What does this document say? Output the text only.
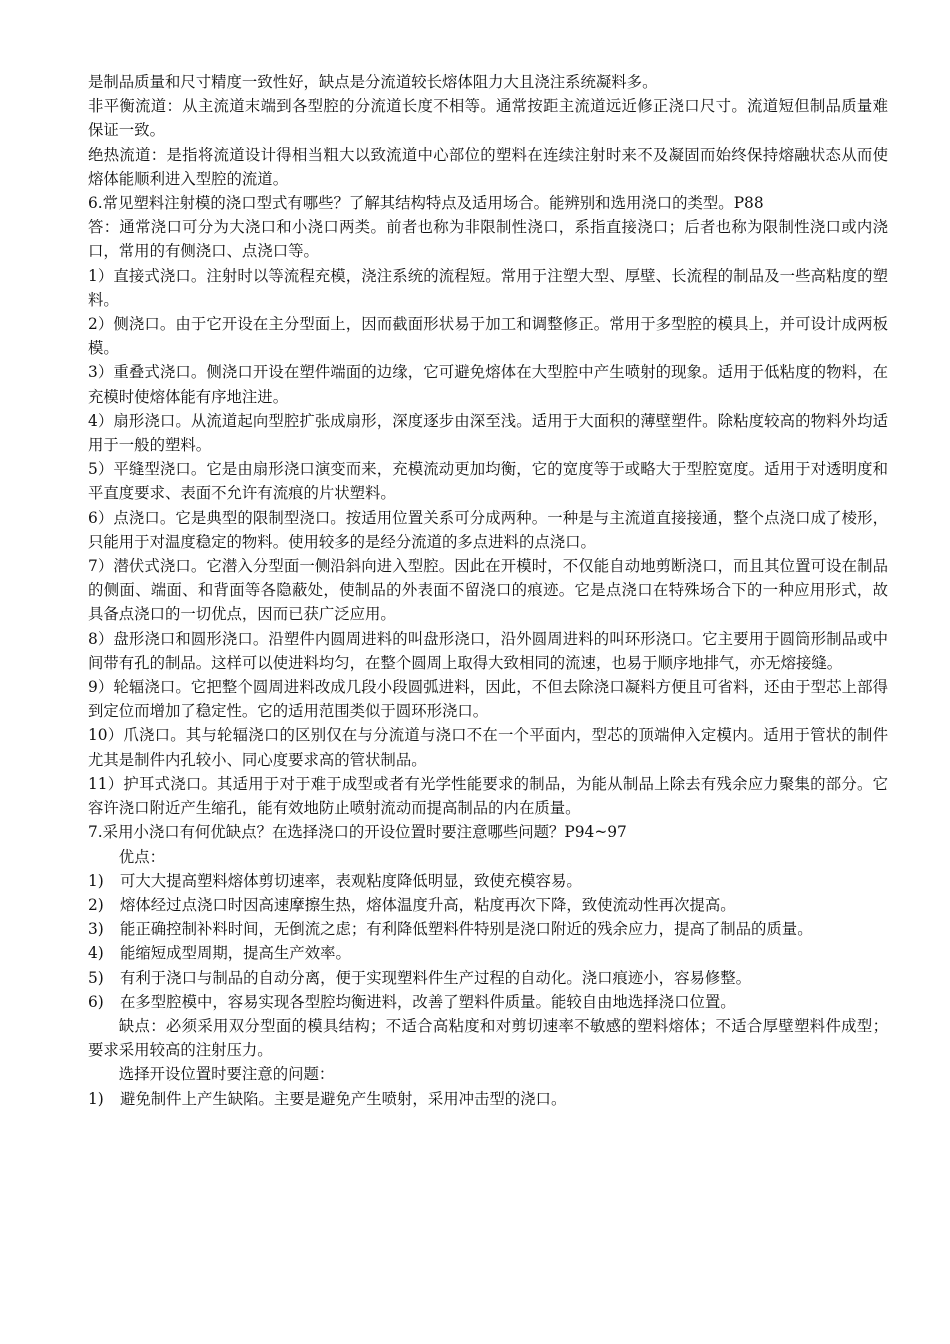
是制品质量和尺寸精度一致性好，缺点是分流道较长熔体阻力大且浇注系统凝料多。

非平衡流道：从主流道末端到各型腔的分流道长度不相等。通常按距主流道远近修正浇口尺寸。流道短但制品质量难保证一致。

绝热流道：是指将流道设计得相当粗大以致流道中心部位的塑料在连续注射时来不及凝固而始终保持熔融状态从而使熔体能顺利进入型腔的流道。

6.常见塑料注射模的浇口型式有哪些？了解其结构特点及适用场合。能辨别和选用浇口的类型。P88

答：通常浇口可分为大浇口和小浇口两类。前者也称为非限制性浇口，系指直接浇口；后者也称为限制性浇口或内浇口，常用的有侧浇口、点浇口等。

1）直接式浇口。注射时以等流程充模，浇注系统的流程短。常用于注塑大型、厚壁、长流程的制品及一些高粘度的塑料。

2）侧浇口。由于它开设在主分型面上，因而截面形状易于加工和调整修正。常用于多型腔的模具上，并可设计成两板模。

3）重叠式浇口。侧浇口开设在塑件端面的边缘，它可避免熔体在大型腔中产生喷射的现象。适用于低粘度的物料，在充模时使熔体能有序地注进。

4）扇形浇口。从流道起向型腔扩张成扇形，深度逐步由深至浅。适用于大面积的薄壁塑件。除粘度较高的物料外均适用于一般的塑料。

5）平缝型浇口。它是由扇形浇口演变而来，充模流动更加均衡，它的宽度等于或略大于型腔宽度。适用于对透明度和平直度要求、表面不允许有流痕的片状塑料。

6）点浇口。它是典型的限制型浇口。按适用位置关系可分成两种。一种是与主流道直接接通，整个点浇口成了棱形，只能用于对温度稳定的物料。使用较多的是经分流道的多点进料的点浇口。

7）潜伏式浇口。它潜入分型面一侧沿斜向进入型腔。因此在开模时，不仅能自动地剪断浇口，而且其位置可设在制品的侧面、端面、和背面等各隐蔽处，使制品的外表面不留浇口的痕迹。它是点浇口在特殊场合下的一种应用形式，故具备点浇口的一切优点，因而已获广泛应用。

8）盘形浇口和圆形浇口。沿塑件内圆周进料的叫盘形浇口，沿外圆周进料的叫环形浇口。它主要用于圆筒形制品或中间带有孔的制品。这样可以使进料均匀，在整个圆周上取得大致相同的流速，也易于顺序地排气，亦无熔接缝。

9）轮辐浇口。它把整个圆周进料改成几段小段圆弧进料，因此，不但去除浇口凝料方便且可省料，还由于型芯上部得到定位而增加了稳定性。它的适用范围类似于圆环形浇口。

10）爪浇口。其与轮辐浇口的区别仅在与分流道与浇口不在一个平面内，型芯的顶端伸入定模内。适用于管状的制件尤其是制件内孔较小、同心度要求高的管状制品。

11）护耳式浇口。其适用于对于难于成型或者有光学性能要求的制品，为能从制品上除去有残余应力聚集的部分。它容许浇口附近产生缩孔，能有效地防止喷射流动而提高制品的内在质量。

7.采用小浇口有何优缺点？在选择浇口的开设位置时要注意哪些问题？P94~97

优点：

1)	可大大提高塑料熔体剪切速率，表观粘度降低明显，致使充模容易。
2)	熔体经过点浇口时因高速摩擦生热，熔体温度升高，粘度再次下降，致使流动性再次提高。
3)	能正确控制补料时间，无倒流之虑；有利降低塑料件特别是浇口附近的残余应力，提高了制品的质量。
4)	能缩短成型周期，提高生产效率。
5)	有利于浇口与制品的自动分离，便于实现塑料件生产过程的自动化。浇口痕迹小，容易修整。
6)	在多型腔模中，容易实现各型腔均衡进料，改善了塑料件质量。能较自由地选择浇口位置。

缺点：必须采用双分型面的模具结构；不适合高粘度和对剪切速率不敏感的塑料熔体；不适合厚壁塑料件成型；要求采用较高的注射压力。

选择开设位置时要注意的问题：

1)	避免制件上产生缺陷。主要是避免产生喷射，采用冲击型的浇口。
